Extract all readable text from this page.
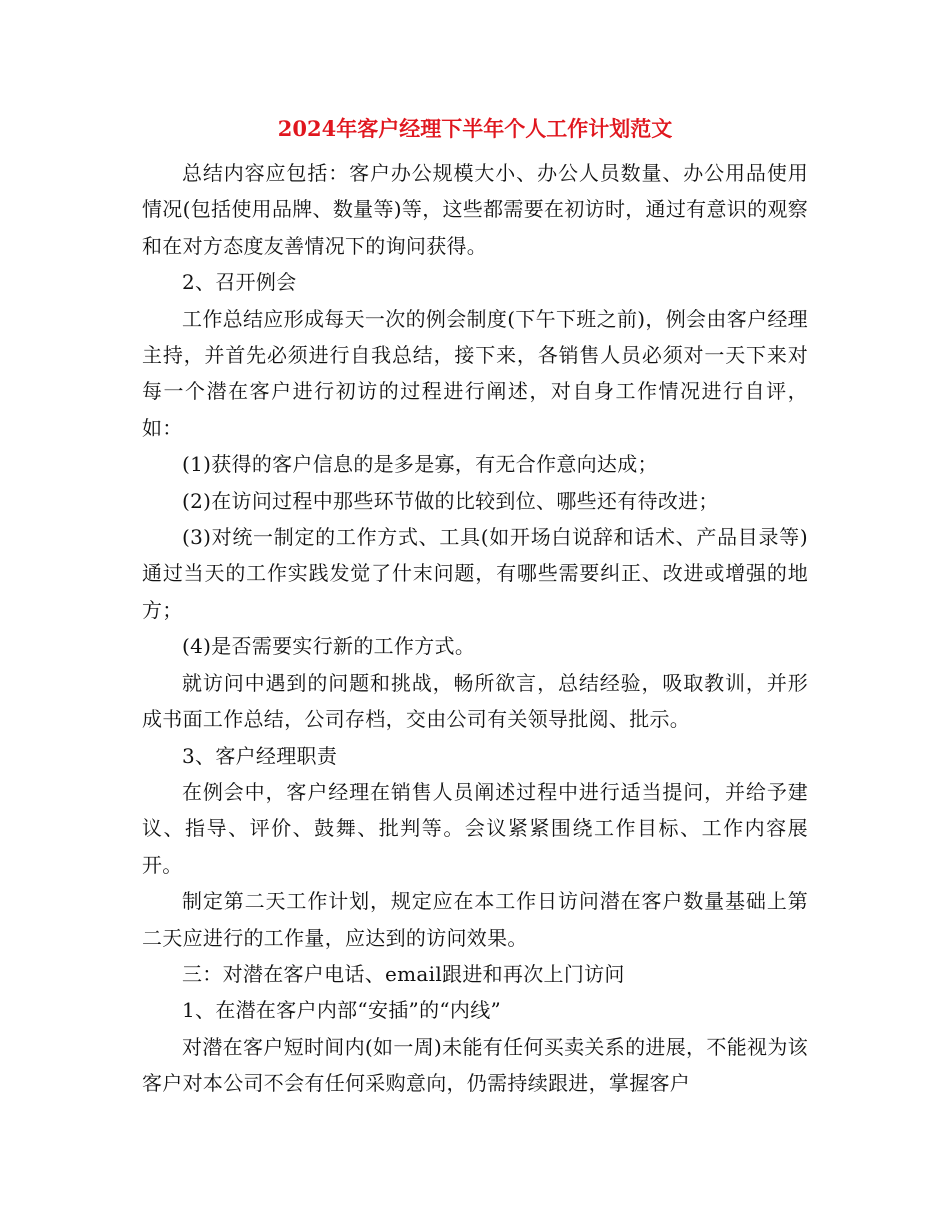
2024年客户经理下半年个人工作计划范文

总结内容应包括：客户办公规模大小、办公人员数量、办公用品使用情况(包括使用品牌、数量等)等，这些都需要在初访时，通过有意识的观察和在对方态度友善情况下的询问获得。

2、召开例会

工作总结应形成每天一次的例会制度(下午下班之前)，例会由客户经理主持，并首先必须进行自我总结，接下来，各销售人员必须对一天下来对每一个潜在客户进行初访的过程进行阐述，对自身工作情况进行自评，如：

(1)获得的客户信息的是多是寡，有无合作意向达成；

(2)在访问过程中那些环节做的比较到位、哪些还有待改进；

(3)对统一制定的工作方式、工具(如开场白说辞和话术、产品目录等)通过当天的工作实践发觉了什末问题，有哪些需要纠正、改进或增强的地方；

(4)是否需要实行新的工作方式。

就访问中遇到的问题和挑战，畅所欲言，总结经验，吸取教训，并形成书面工作总结，公司存档，交由公司有关领导批阅、批示。

3、客户经理职责

在例会中，客户经理在销售人员阐述过程中进行适当提问，并给予建议、指导、评价、鼓舞、批判等。会议紧紧围绕工作目标、工作内容展开。

制定第二天工作计划，规定应在本工作日访问潜在客户数量基础上第二天应进行的工作量，应达到的访问效果。

三：对潜在客户电话、email跟进和再次上门访问

1、在潜在客户内部“安插”的“内线”

对潜在客户短时间内(如一周)未能有任何买卖关系的进展，不能视为该客户对本公司不会有任何采购意向，仍需持续跟进，掌握客户
